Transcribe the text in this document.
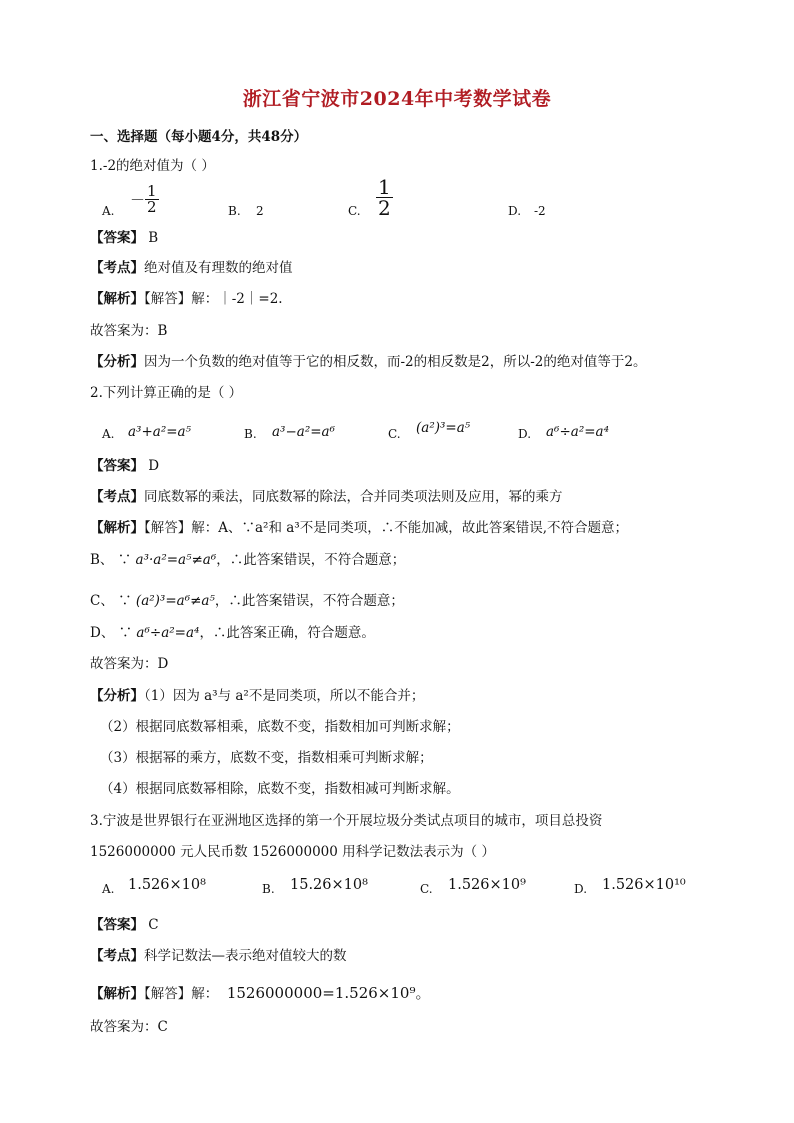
浙江省宁波市2024年中考数学试卷
一、选择题（每小题4分，共48分）
1.-2的绝对值为（ ）
A.
－ $\frac{1}{2}$	B. 2	C. $\frac{1}{2}$	D. -2
【答案】 B
【考点】绝对值及有理数的绝对值
【解析】【解答】解：｜-2｜=2.
故答案为：B
【分析】因为一个负数的绝对值等于它的相反数，而-2的相反数是2，所以-2的绝对值等于2。
2.下列计算正确的是（ ）
A. a³+a²=a⁵	B. a³−a²=a⁶	C. (a²)³=a⁵	D. a⁶÷a²=a⁴
【答案】 D
【考点】同底数幂的乘法，同底数幂的除法，合并同类项法则及应用，幂的乘方
【解析】【解答】解：A、∵a²和 a³不是同类项，∴不能加减，故此答案错误,不符合题意；
B、 ∵ a³·a²=a⁵≠a⁶，∴此答案错误，不符合题意；
C、 ∵ (a²)³=a⁶≠a⁵，∴此答案错误，不符合题意；
D、 ∵ a⁶÷a²=a⁴，∴此答案正确，符合题意。
故答案为：D
【分析】（1）因为 a³与 a²不是同类项，所以不能合并；
（2）根据同底数幂相乘，底数不变，指数相加可判断求解；
（3）根据幂的乘方，底数不变，指数相乘可判断求解；
（4）根据同底数幂相除，底数不变，指数相减可判断求解。
3.宁波是世界银行在亚洲地区选择的第一个开展垃圾分类试点项目的城市，项目总投资
1526000000 元人民币数 1526000000 用科学记数法表示为（ ）
A. 1.526×10⁸	B. 15.26×10⁸	C. 1.526×10⁹	D. 1.526×10¹⁰
【答案】 C
【考点】科学记数法—表示绝对值较大的数
【解析】【解答】解： 1526000000=1.526×10⁹。
故答案为：C
